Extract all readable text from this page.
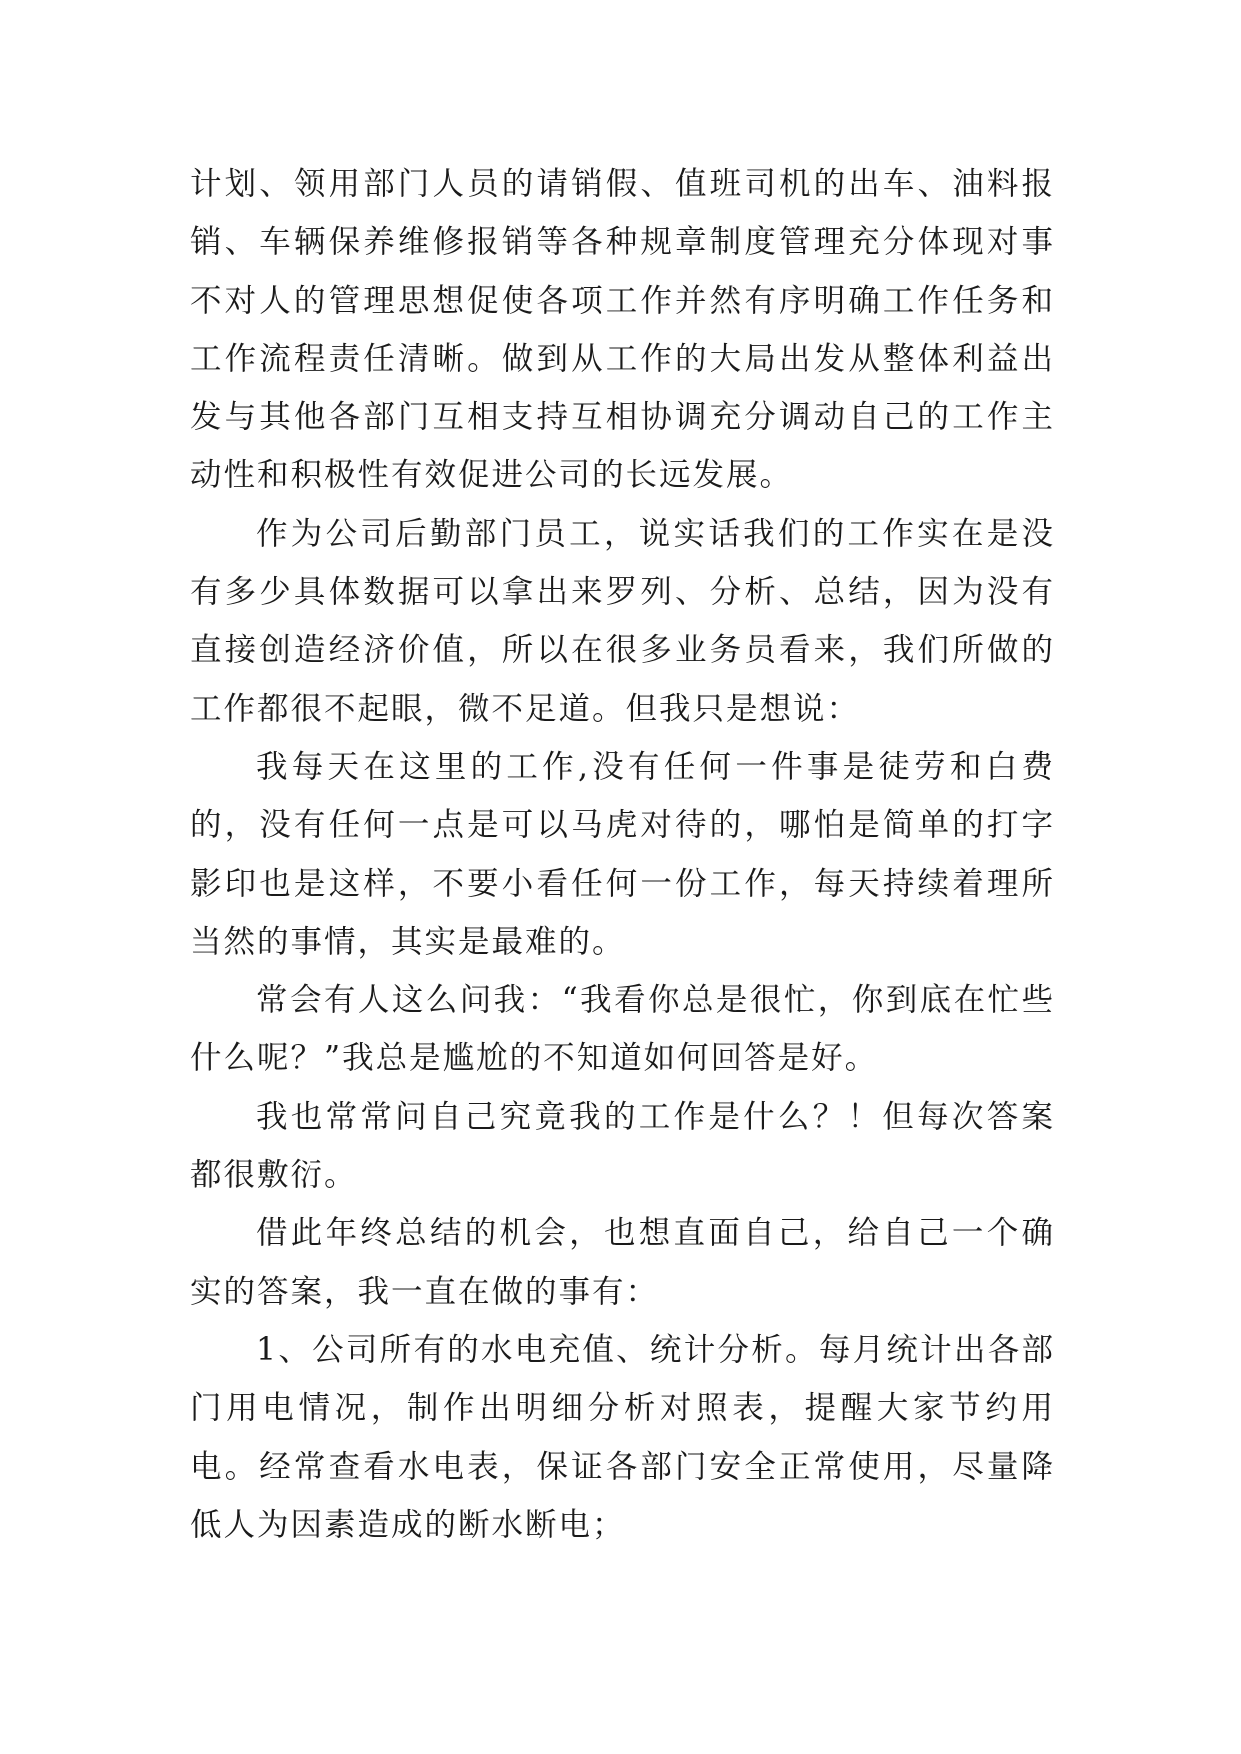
计划、领用部门人员的请销假、值班司机的出车、油料报销、车辆保养维修报销等各种规章制度管理充分体现对事不对人的管理思想促使各项工作并然有序明确工作任务和工作流程责任清晰。做到从工作的大局出发从整体利益出发与其他各部门互相支持互相协调充分调动自己的工作主动性和积极性有效促进公司的长远发展。

作为公司后勤部门员工，说实话我们的工作实在是没有多少具体数据可以拿出来罗列、分析、总结，因为没有直接创造经济价值，所以在很多业务员看来，我们所做的工作都很不起眼，微不足道。但我只是想说：

我每天在这里的工作,没有任何一件事是徒劳和白费的，没有任何一点是可以马虎对待的，哪怕是简单的打字影印也是这样，不要小看任何一份工作，每天持续着理所当然的事情，其实是最难的。

常会有人这么问我：“我看你总是很忙，你到底在忙些什么呢？”我总是尴尬的不知道如何回答是好。

我也常常问自己究竟我的工作是什么？！但每次答案都很敷衍。

借此年终总结的机会，也想直面自己，给自己一个确实的答案，我一直在做的事有：

1、公司所有的水电充值、统计分析。每月统计出各部门用电情况，制作出明细分析对照表，提醒大家节约用电。经常查看水电表，保证各部门安全正常使用，尽量降低人为因素造成的断水断电；
